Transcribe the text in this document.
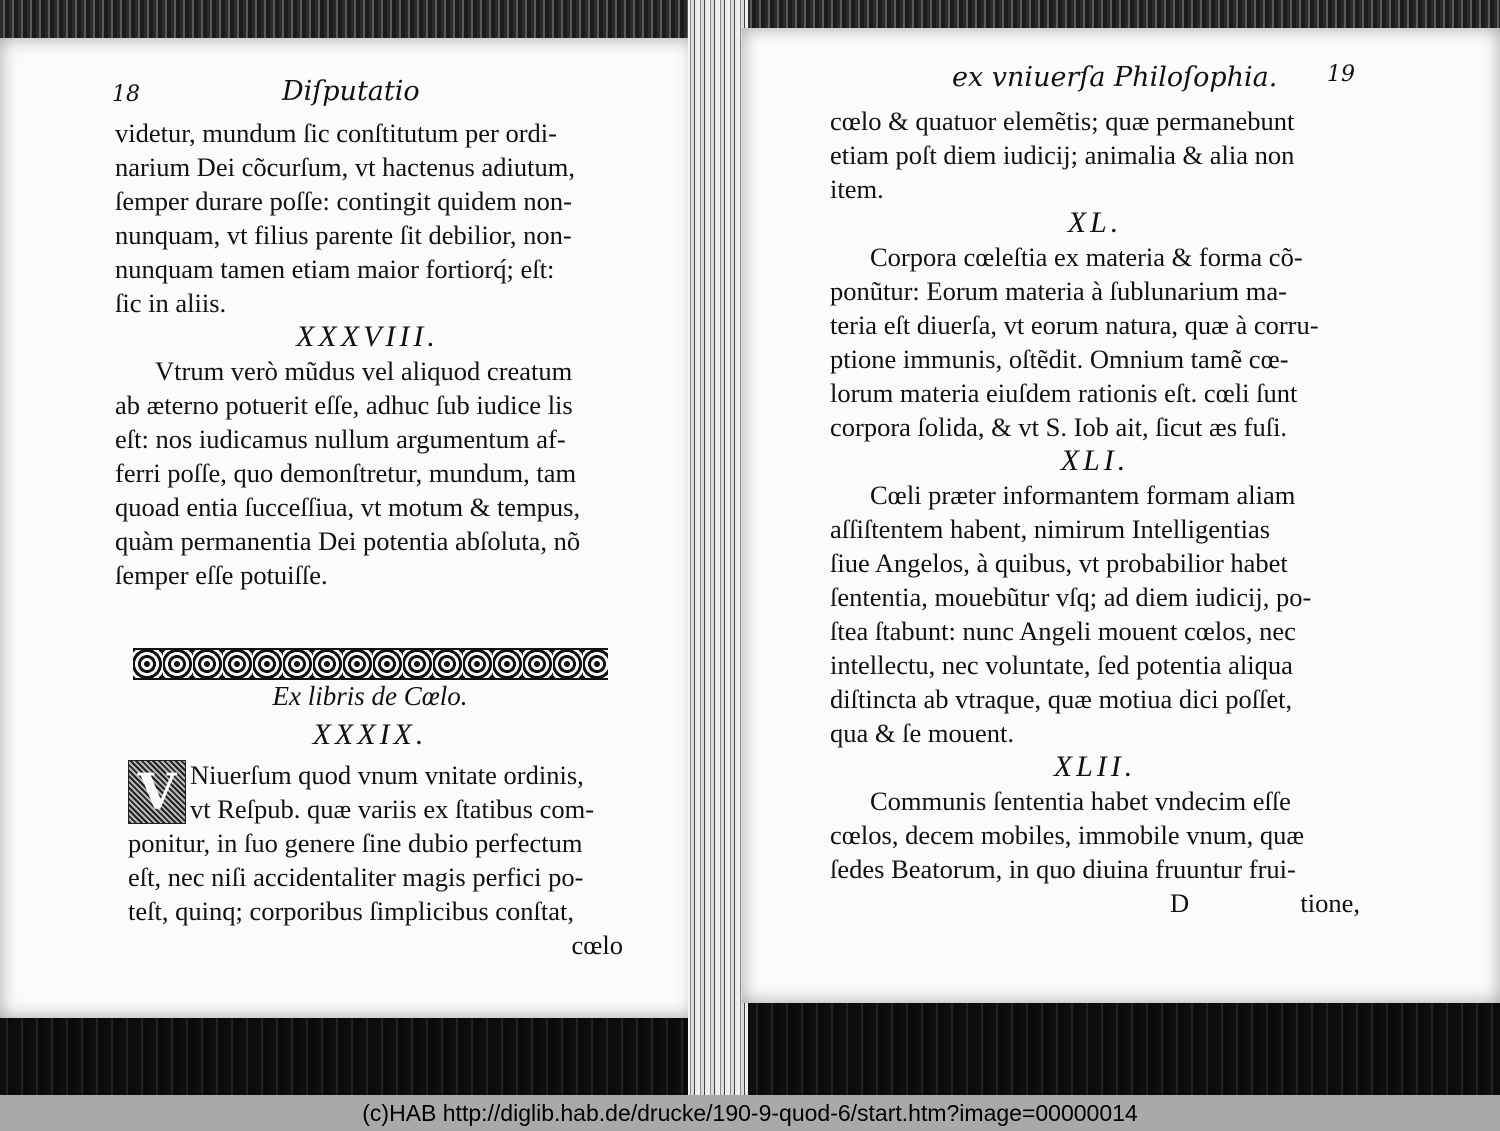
18	Diſputatio
videtur, mundum ſic conſtitutum per ordi-
narium Dei cõcurſum, vt hactenus adiutum,
ſemper durare poſſe: contingit quidem non-
nunquam, vt filius parente ſit debilior, non-
nunquam tamen etiam maior fortiorq́; eſt:
ſic in aliis.
XXXVIII.
Vtrum verò mũdus vel aliquod creatum
ab æterno potuerit eſſe, adhuc ſub iudice lis
eſt: nos iudicamus nullum argumentum af-
ferri poſſe, quo demonſtretur, mundum, tam
quoad entia ſucceſſiua, vt motum & tempus,
quàm permanentia Dei potentia abſoluta, nõ
ſemper eſſe potuiſſe.
Ex libris de Cœlo.
XXXIX.
V Niuerſum quod vnum vnitate ordinis,
vt Reſpub. quæ variis ex ſtatibus com-
ponitur, in ſuo genere ſine dubio perfectum
eſt, nec niſi accidentaliter magis perfici po-
teſt, quinq; corporibus ſimplicibus conſtat,
cœlo
ex vniuerſa Philoſophia. 19
cœlo & quatuor elemẽtis; quæ permanebunt
etiam poſt diem iudicij; animalia & alia non
item.
XL.
Corpora cœleſtia ex materia & forma cõ-
ponũtur: Eorum materia à ſublunarium ma-
teria eſt diuerſa, vt eorum natura, quæ à corru-
ptione immunis, oſtẽdit. Omnium tamẽ cœ-
lorum materia eiuſdem rationis eſt. cœli ſunt
corpora ſolida, & vt S. Iob ait, ſicut æs fuſi.
XLI.
Cœli præter informantem formam aliam
aſſiſtentem habent, nimirum Intelligentias
ſiue Angelos, à quibus, vt probabilior habet
ſententia, mouebũtur vſq; ad diem iudicij, po-
ſtea ſtabunt: nunc Angeli mouent cœlos, nec
intellectu, nec voluntate, ſed potentia aliqua
diſtincta ab vtraque, quæ motiua dici poſſet,
qua & ſe mouent.
XLII.
Communis ſententia habet vndecim eſſe
cœlos, decem mobiles, immobile vnum, quæ
ſedes Beatorum, in quo diuina fruuntur frui-
D	tione,
(c)HAB http://diglib.hab.de/drucke/190-9-quod-6/start.htm?image=00000014
